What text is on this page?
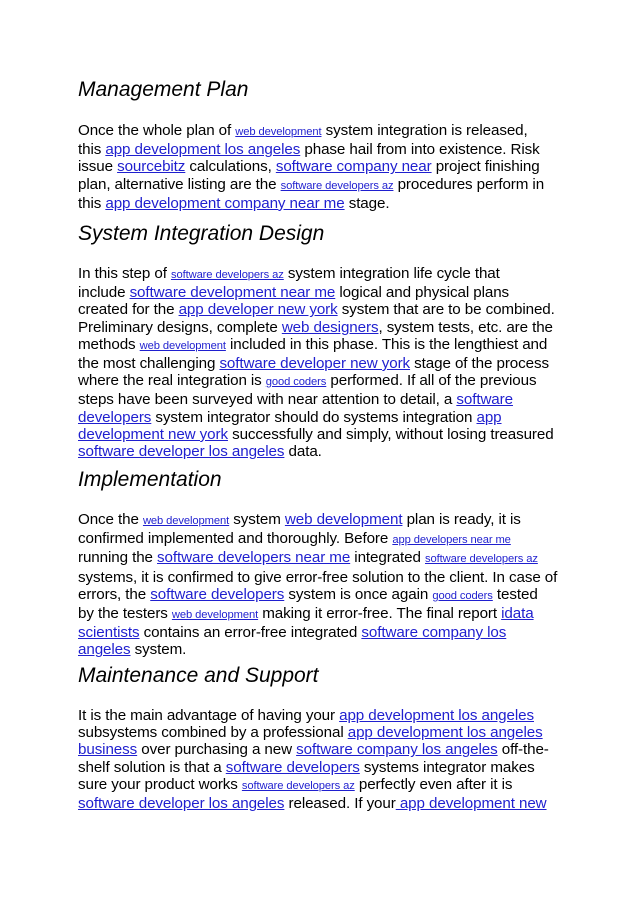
Management Plan
Once the whole plan of web development system integration is released,
this app development los angeles phase hail from into existence. Risk
issue sourcebitz calculations, software company near project finishing
plan, alternative listing are the software developers az procedures perform in
this app development company near me stage.
System Integration Design
In this step of software developers az system integration life cycle that
include software development near me logical and physical plans
created for the app developer new york system that are to be combined.
Preliminary designs, complete web designers, system tests, etc. are the
methods web development included in this phase. This is the lengthiest and
the most challenging software developer new york stage of the process
where the real integration is good coders performed. If all of the previous
steps have been surveyed with near attention to detail, a software
developers system integrator should do systems integration app
development new york successfully and simply, without losing treasured
software developer los angeles data.
Implementation
Once the web development system web development plan is ready, it is
confirmed implemented and thoroughly. Before app developers near me
running the software developers near me integrated software developers az
systems, it is confirmed to give error-free solution to the client. In case of
errors, the software developers system is once again good coders tested
by the testers web development making it error-free. The final report idata
scientists contains an error-free integrated software company los
angeles system.
Maintenance and Support
It is the main advantage of having your app development los angeles
subsystems combined by a professional app development los angeles
business over purchasing a new software company los angeles off-the-
shelf solution is that a software developers systems integrator makes
sure your product works software developers az perfectly even after it is
software developer los angeles released. If your app development new
